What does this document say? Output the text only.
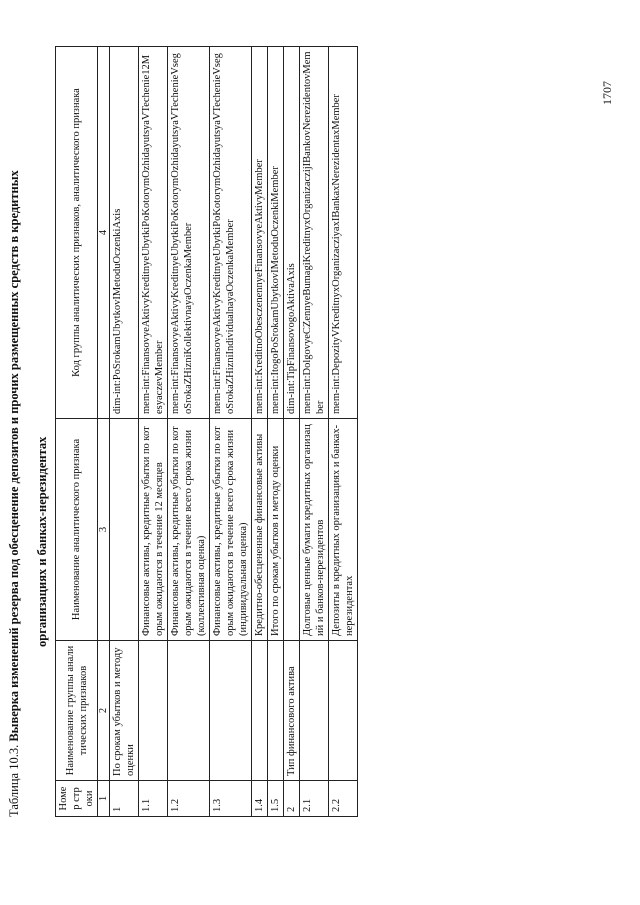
Таблица 10.3. Выверка изменений резерва под обесценение депозитов и прочих размещенных средств в кредитных организациях и банках-нерезидентах
Номер строки	Наименование группы аналитических признаков	Наименование аналитического признака	Код группы аналитических признаков, аналитического признака
1	2	3	4
1	По срокам убытков и методу оценки		dim-int:PoSrokamUbytkovIMetoduOczenkiAxis
1.1		Финансовые активы, кредитные убытки по которым ожидаются в течение 12 месяцев	mem-int:FinansovyeAktivyKreditnyeUbytkiPoKotorymOzhidayutsyaVTechenie12MesyaczevMember
1.2		Финансовые активы, кредитные убытки по которым ожидаются в течение всего срока жизни (коллективная оценка)	mem-int:FinansovyeAktivyKreditnyeUbytkiPoKotorymOzhidayutsyaVTechenieVsegoSrokaZHizniKollektivnayaOczenkaMember
1.3		Финансовые активы, кредитные убытки по которым ожидаются в течение всего срока жизни (индивидуальная оценка)	mem-int:FinansovyeAktivyKreditnyeUbytkiPoKotorymOzhidayutsyaVTechenieVsegoSrokaZHizniIndividualnayaOczenkaMember
1.4		Кредитно-обесцененные финансовые активы	mem-int:KreditnoObesczenennyeFinansovyeAktivyMember
1.5		Итого по срокам убытков и методу оценки	mem-int:ItogoPoSrokamUbytkovIMetoduOczenkiMember
2	Тип финансового актива		dim-int:TipFinansovogoAktivaAxis
2.1		Долговые ценные бумаги кредитных организаций и банков-нерезидентов	mem-int:DolgovyeCZennyeBumagiKreditnyxOrganizaczijIBankovNerezidentovMember
2.2		Депозиты в кредитных организациях и банках-нерезидентах	mem-int:DepozityVKreditnyxOrganizacziyaxIBankaxNerezidentaxMember
1707
